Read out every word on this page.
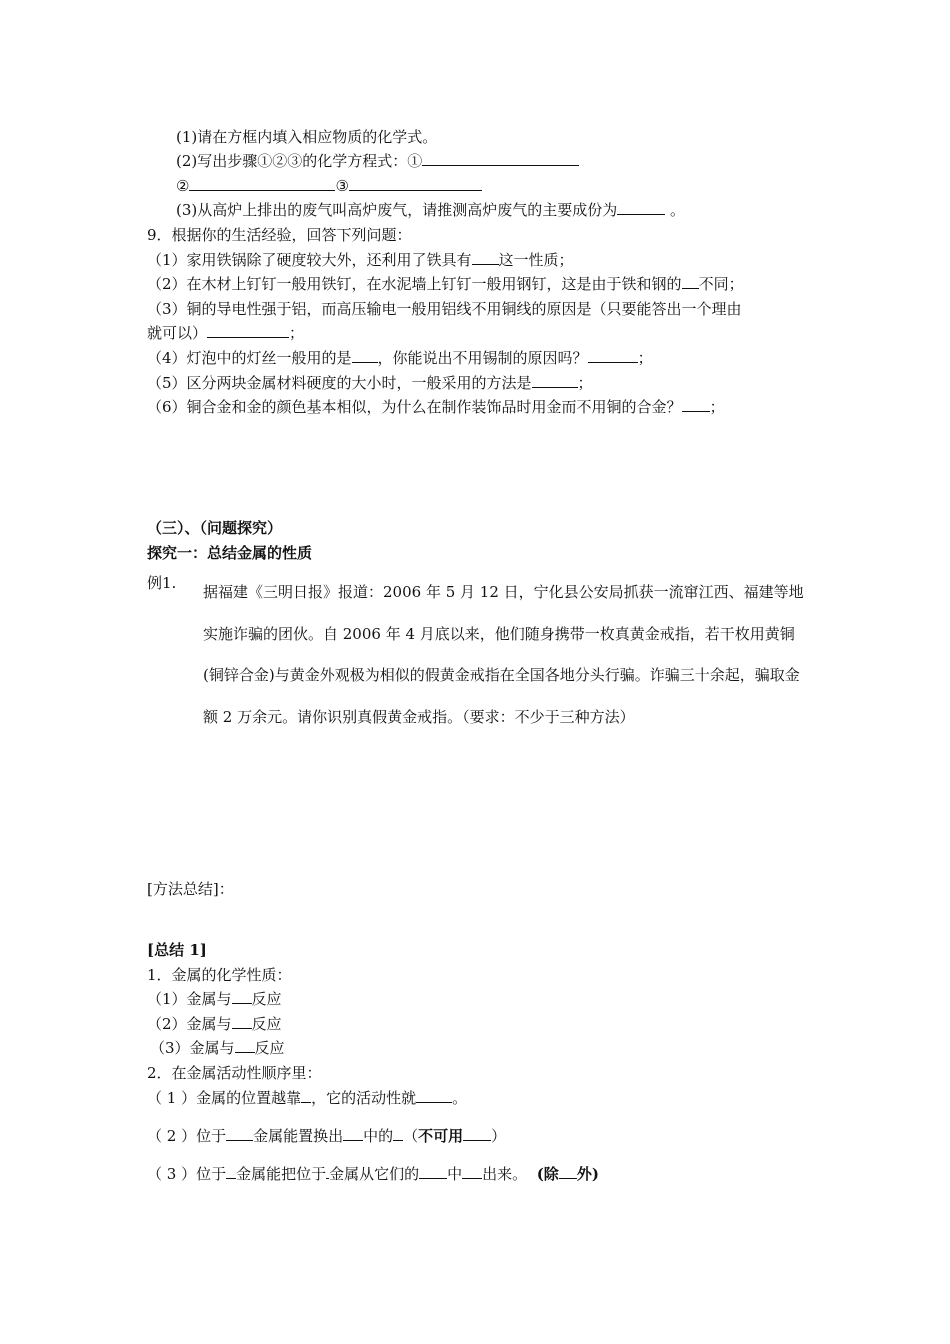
(1)请在方框内填入相应物质的化学式。
(2)写出步骤①②③的化学方程式：①
②	③
(3)从高炉上排出的废气叫高炉废气，请推测高炉废气的主要成份为	。
9．根据你的生活经验，回答下列问题：
（1）家用铁锅除了硬度较大外，还利用了铁具有 这一性质；
（2）在木材上钉钉一般用铁钉，在水泥墙上钉钉一般用钢钉，这是由于铁和钢的 不同；
（3）铜的导电性强于铝，而高压输电一般用铝线不用铜线的原因是（只要能答出一个理由
就可以）	；
（4）灯泡中的灯丝一般用的是 ，你能说出不用锡制的原因吗？	；
（5）区分两块金属材料硬度的大小时，一般采用的方法是	；
（6）铜合金和金的颜色基本相似，为什么在制作装饰品时用金而不用铜的合金？ ；
（三）、（问题探究）
探究一：总结金属的性质
例1. 据福建《三明日报》报道：2006 年 5 月 12 日，宁化县公安局抓获一流窜江西、福建等地实施诈骗的团伙。自 2006 年 4 月底以来，他们随身携带一枚真黄金戒指，若干枚用黄铜(铜锌合金)与黄金外观极为相似的假黄金戒指在全国各地分头行骗。诈骗三十余起，骗取金额 2 万余元。请你识别真假黄金戒指。（要求：不少于三种方法）
[方法总结]：
[总结 1]
1．金属的化学性质：
（1）金属与 反应
（2）金属与 反应
（3）金属与 反应
2．在金属活动性顺序里：
（ 1 ）金属的位置越靠 ，它的活动性就 。
（ 2 ）位于 金属能置换出 中的 （不可用 ）
（ 3 ）位于 金属能把位于 金属从它们的 中 出来。 (除 外)
